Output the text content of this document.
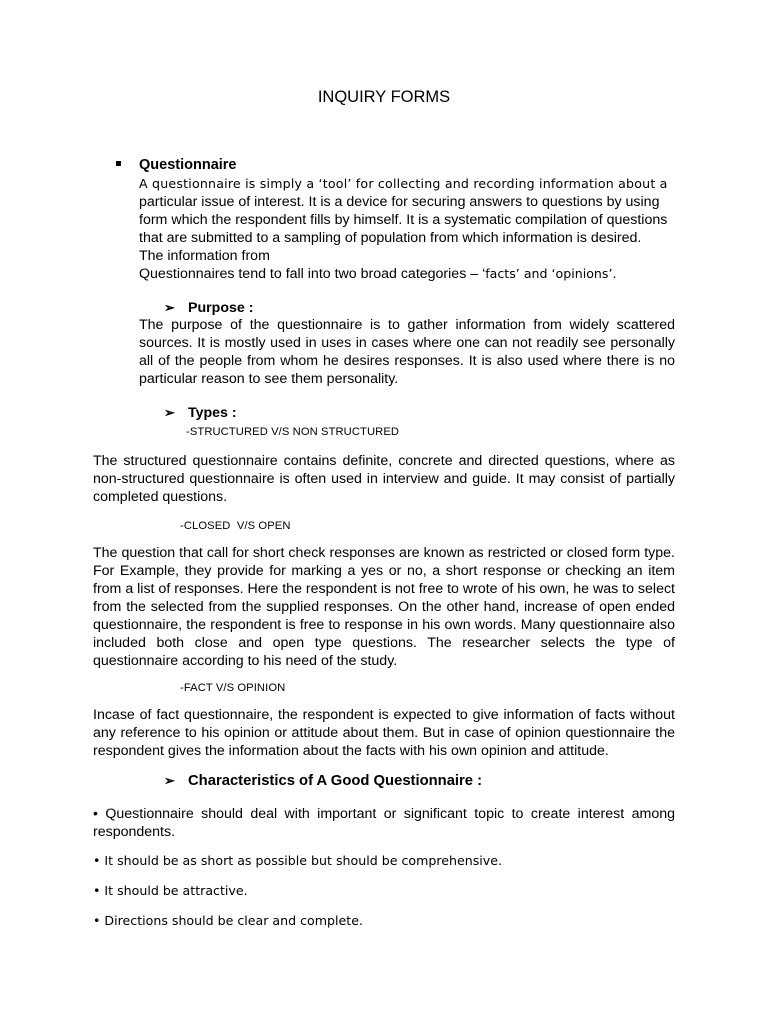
INQUIRY FORMS
Questionnaire
A questionnaire is simply a ‘tool’ for collecting and recording information about a
particular issue of interest. It is a device for securing answers to questions by using
form which the respondent fills by himself. It is a systematic compilation of questions
that are submitted to a sampling of population from which information is desired.
The information from
Questionnaires tend to fall into two broad categories – ‘facts’ and ‘opinions’.
➢ Purpose :
The purpose of the questionnaire is to gather information from widely scattered sources. It is mostly used in uses in cases where one can not readily see personally all of the people from whom he desires responses. It is also used where there is no particular reason to see them personality.
➢ Types :
-STRUCTURED V/S NON STRUCTURED
The structured questionnaire contains definite, concrete and directed questions, where as non-structured questionnaire is often used in interview and guide. It may consist of partially completed questions.
-CLOSED  V/S OPEN
The question that call for short check responses are known as restricted or closed form type. For Example, they provide for marking a yes or no, a short response or checking an item from a list of responses. Here the respondent is not free to wrote of his own, he was to select from the selected from the supplied responses. On the other hand, increase of open ended questionnaire, the respondent is free to response in his own words. Many questionnaire also included both close and open type questions. The researcher selects the type of questionnaire according to his need of the study.
-FACT V/S OPINION
Incase of fact questionnaire, the respondent is expected to give information of facts without any reference to his opinion or attitude about them. But in case of opinion questionnaire the respondent gives the information about the facts with his own opinion and attitude.
➢ Characteristics of A Good Questionnaire :
• Questionnaire should deal with important or significant topic to create interest among respondents.
• It should be as short as possible but should be comprehensive.
• It should be attractive.
• Directions should be clear and complete.
